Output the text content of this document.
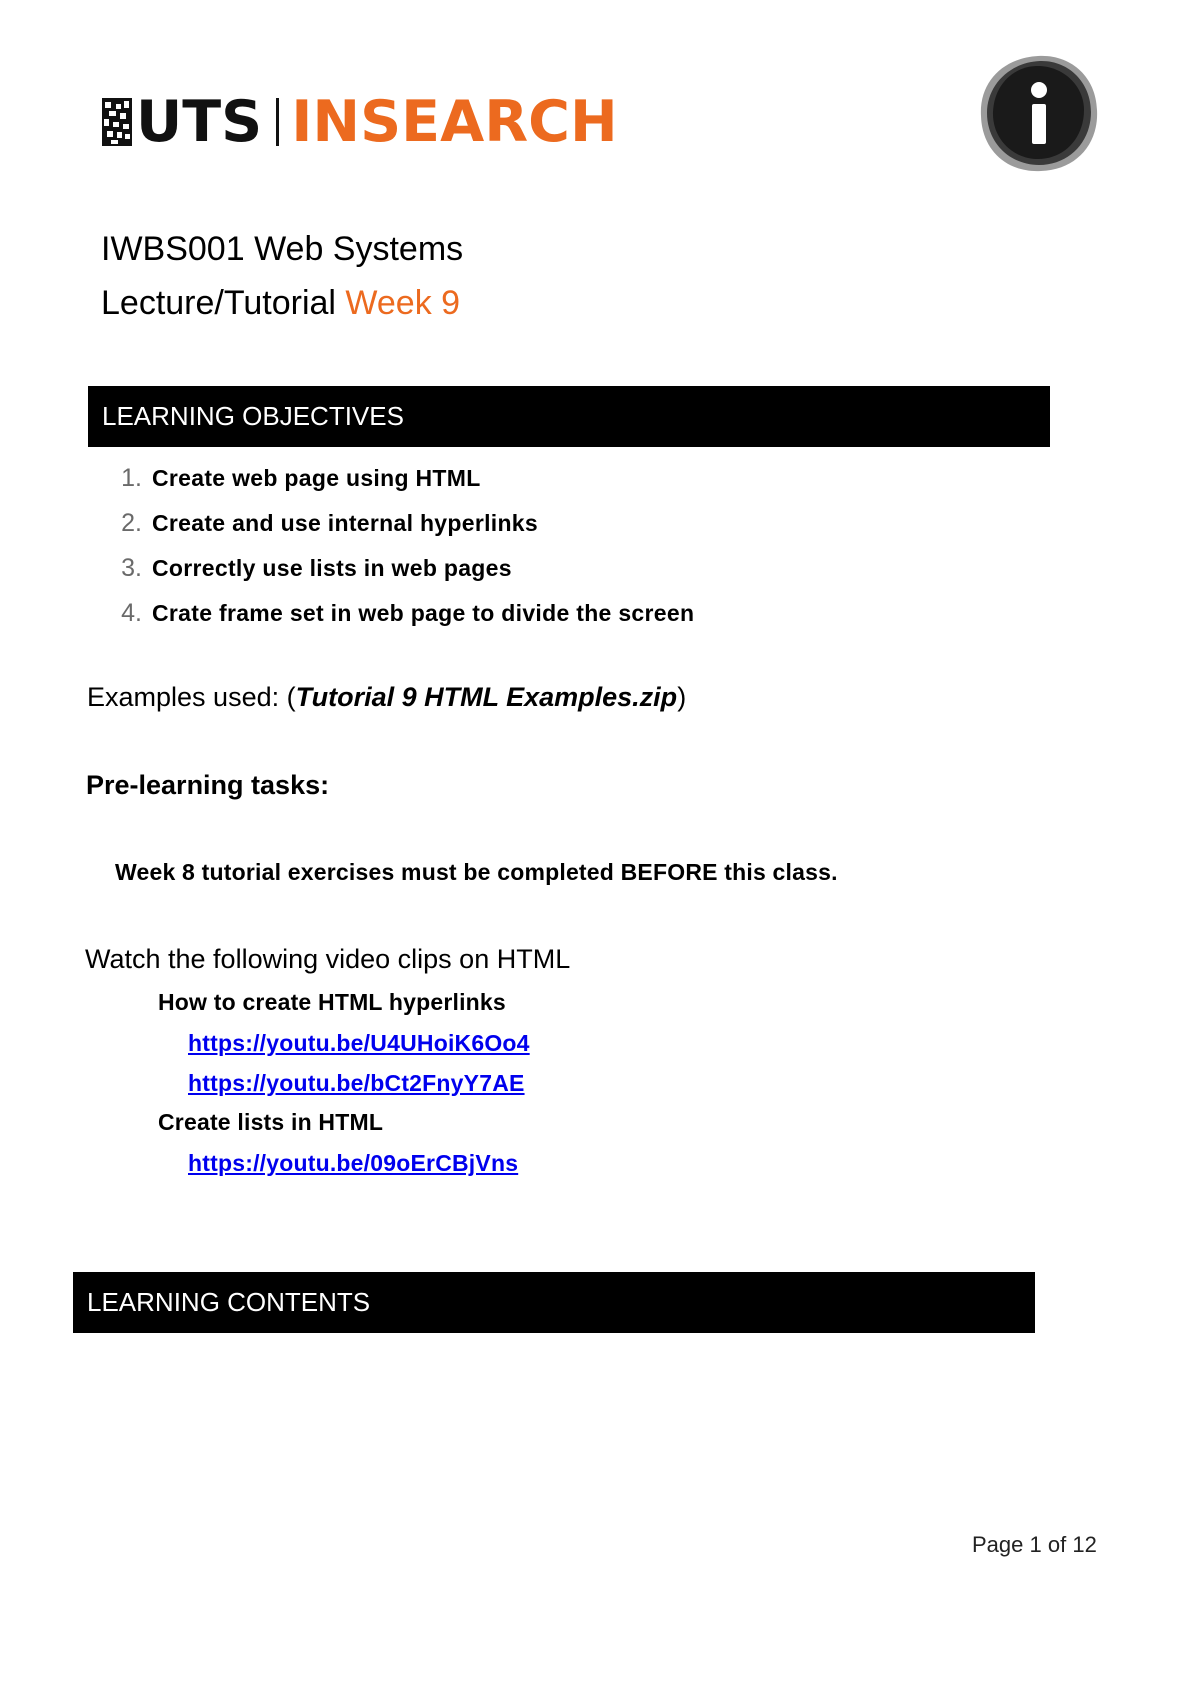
UTS INSEARCH
IWBS001 Web Systems
Lecture/Tutorial Week 9
LEARNING OBJECTIVES
1. Create web page using HTML
2. Create and use internal hyperlinks
3. Correctly use lists in web pages
4. Crate frame set in web page to divide the screen
Examples used: (Tutorial 9 HTML Examples.zip)
Pre-learning tasks:
Week 8 tutorial exercises must be completed BEFORE this class.
Watch the following video clips on HTML
How to create HTML hyperlinks
https://youtu.be/U4UHoiK6Oo4
https://youtu.be/bCt2FnyY7AE
Create lists in HTML
https://youtu.be/09oErCBjVns
LEARNING CONTENTS
Page 1 of 12
